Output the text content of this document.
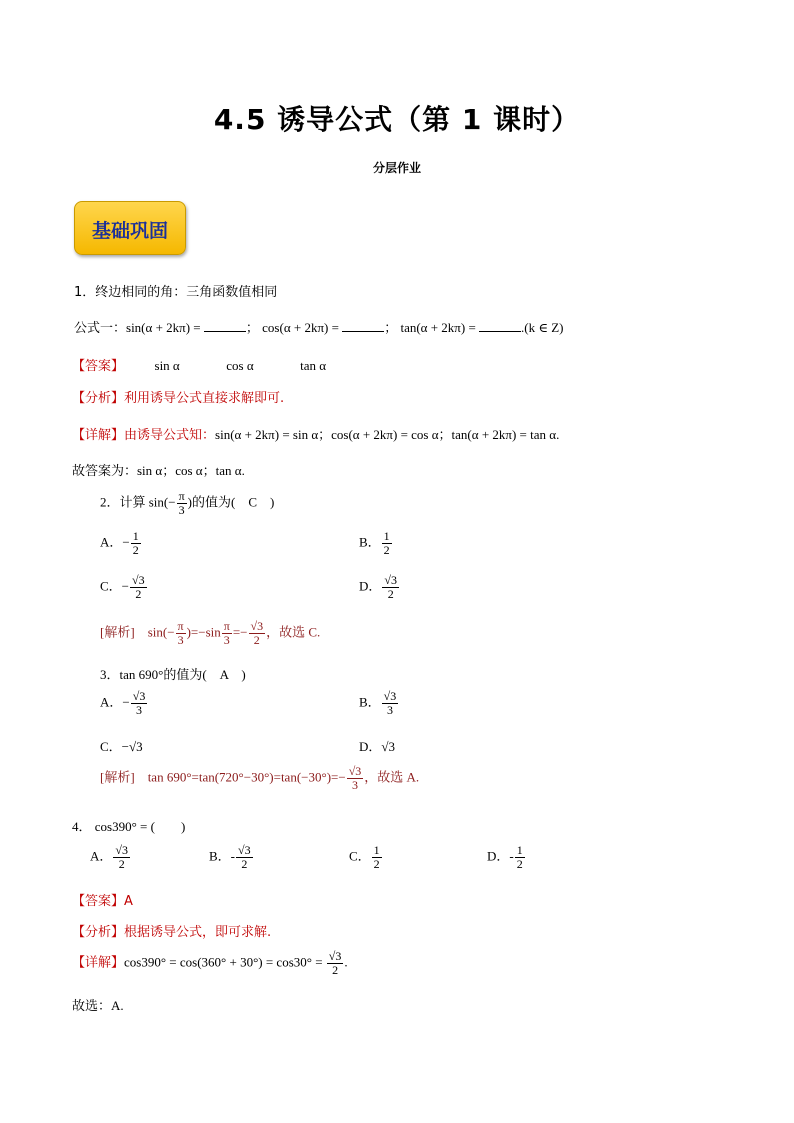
4.5 诱导公式（第 1 课时）
分层作业
基础巩固
1．终边相同的角：三角函数值相同
公式一：sin(α + 2kπ) =	； cos(α + 2kπ) =	； tan(α + 2kπ) =	.(k ∈ Z)
【答案】 sin α	cos α	tan α
【分析】利用诱导公式直接求解即可.
【详解】由诱导公式知：sin(α + 2kπ) = sin α；cos(α + 2kπ) = cos α；tan(α + 2kπ) = tan α.
故答案为：sin α；cos α；tan α.
2．计算 $\sin(- \frac{\pi}{3}$ )的值为(　C　)
A．− $\frac{1}{2}$	B． $\frac{1}{2}$
C．− $\frac{√3}{2}$	D． $\frac{√3}{2}$
[解析]　 $\sin(- \frac{\pi}{3} )=-\sin \frac{\pi}{3} =- \frac{√3}{2}$ ，故选 C.
3．tan 690°的值为(　A　)
A．− $\frac{√3}{3}$	B． $\frac{√3}{3}$
C．−√3	D．√3
[解析]　 $\tan 690^\circ=\tan(720^\circ-30^\circ)=\tan(-30^\circ)=- \frac{√3}{3}$ ，故选 A.
4． cos390° = (　　)
A． $\frac{√3}{2}$	B．- $\frac{√3}{2}$	C． $\frac{1}{2}$	D．- $\frac{1}{2}$
【答案】A
【分析】根据诱导公式，即可求解.
【详解】$\cos 390^\circ = \cos(360^\circ + 30^\circ) = \cos 30^\circ = \frac{√3}{2}$ .
故选：A.
